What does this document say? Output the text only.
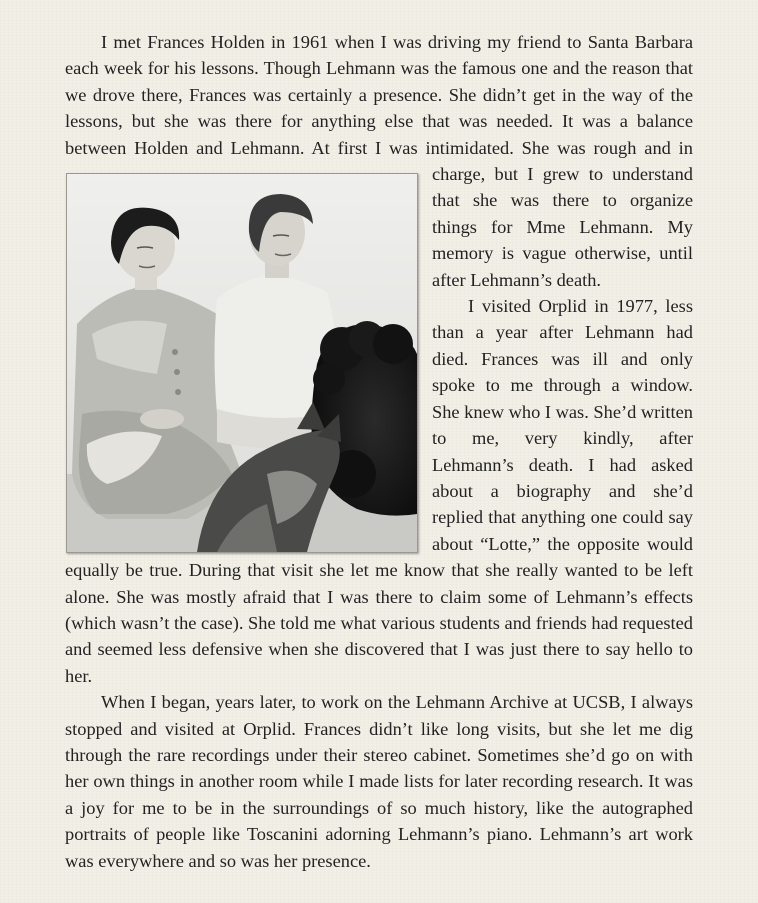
I met Frances Holden in 1961 when I was driving my friend to Santa Barbara each week for his lessons. Though Lehmann was the famous one and the reason that we drove there, Frances was certainly a presence. She didn’t get in the way of the lessons, but she was there for anything else that was needed. It was a balance between Holden and Lehmann. At first I was intimidated. She was rough and in
charge, but I grew to understand that she was there to organize things for Mme Lehmann. My memory is vague otherwise, until after Lehmann’s death.

I visited Orplid in 1977, less than a year after Lehmann had died. Frances was ill and only spoke to me through a window. She knew who I was. She’d written to me, very kindly, after Lehmann’s death. I had asked about a biography and she’d replied that anything one could say about “Lotte,” the opposite would equally be true. During that visit she let me know that she really wanted to be left alone. She was mostly afraid that I was there to claim some of Lehmann’s effects (which wasn’t the case). She told me what various students and friends had requested and seemed less defensive when she discovered that I was just there to say hello to her.

When I began, years later, to work on the Lehmann Archive at UCSB, I always stopped and visited at Orplid. Frances didn’t like long visits, but she let me dig through the rare recordings under their stereo cabinet. Sometimes she’d go on with her own things in another room while I made lists for later recording research. It was a joy for me to be in the surroundings of so much history, like the autographed portraits of people like Toscanini adorning Lehmann’s piano. Lehmann’s art work was everywhere and so was her presence.
